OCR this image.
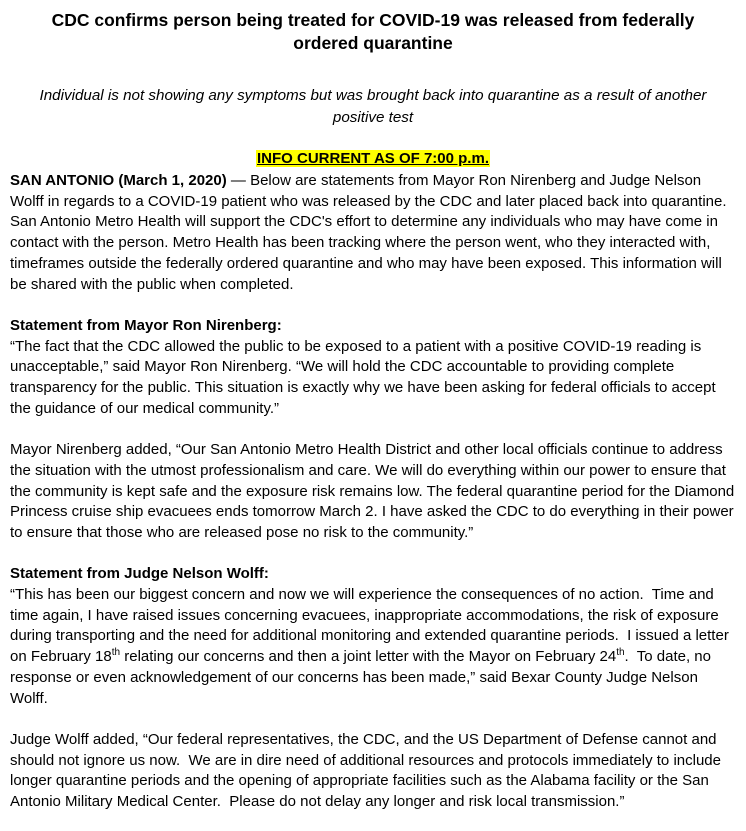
CDC confirms person being treated for COVID-19 was released from federally ordered quarantine

Individual is not showing any symptoms but was brought back into quarantine as a result of another positive test

INFO CURRENT AS OF 7:00 p.m.

SAN ANTONIO (March 1, 2020) — Below are statements from Mayor Ron Nirenberg and Judge Nelson Wolff in regards to a COVID-19 patient who was released by the CDC and later placed back into quarantine. San Antonio Metro Health will support the CDC's effort to determine any individuals who may have come in contact with the person. Metro Health has been tracking where the person went, who they interacted with, timeframes outside the federally ordered quarantine and who may have been exposed. This information will be shared with the public when completed.

Statement from Mayor Ron Nirenberg:

“The fact that the CDC allowed the public to be exposed to a patient with a positive COVID-19 reading is unacceptable,” said Mayor Ron Nirenberg. “We will hold the CDC accountable to providing complete transparency for the public. This situation is exactly why we have been asking for federal officials to accept the guidance of our medical community.”

Mayor Nirenberg added, “Our San Antonio Metro Health District and other local officials continue to address the situation with the utmost professionalism and care. We will do everything within our power to ensure that the community is kept safe and the exposure risk remains low. The federal quarantine period for the Diamond Princess cruise ship evacuees ends tomorrow March 2. I have asked the CDC to do everything in their power to ensure that those who are released pose no risk to the community.”

Statement from Judge Nelson Wolff:

“This has been our biggest concern and now we will experience the consequences of no action.  Time and time again, I have raised issues concerning evacuees, inappropriate accommodations, the risk of exposure during transporting and the need for additional monitoring and extended quarantine periods.  I issued a letter on February 18th relating our concerns and then a joint letter with the Mayor on February 24th.  To date, no response or even acknowledgement of our concerns has been made,” said Bexar County Judge Nelson Wolff.

Judge Wolff added, “Our federal representatives, the CDC, and the US Department of Defense cannot and should not ignore us now.  We are in dire need of additional resources and protocols immediately to include longer quarantine periods and the opening of appropriate facilities such as the Alabama facility or the San Antonio Military Medical Center.  Please do not delay any longer and risk local transmission.”
